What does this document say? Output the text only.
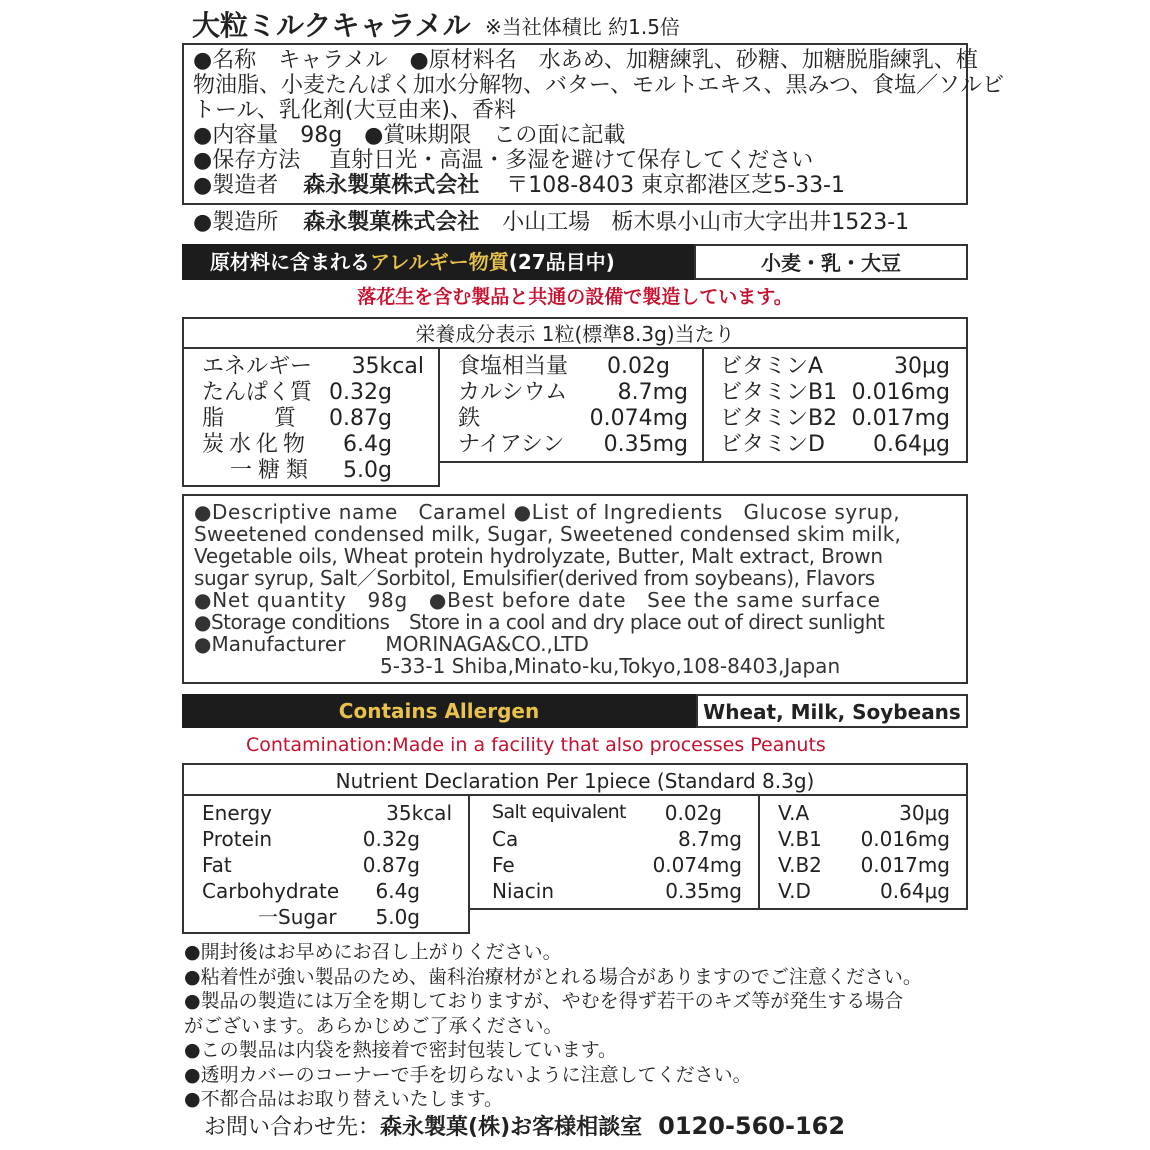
大粒ミルクキャラメル ※当社体積比 約1.5倍
●名称　キャラメル　●原材料名　水あめ、加糖練乳、砂糖、加糖脱脂練乳、植
物油脂、小麦たんぱく加水分解物、バター、モルトエキス、黒みつ、食塩／ソルビ
トール、乳化剤(大豆由来)、香料
●内容量　98g　●賞味期限　この面に記載
●保存方法　 直射日光・高温・多湿を避けて保存してください
●製造者 森永製菓株式会社 〒108-8403 東京都港区芝5-33-1
●製造所 森永製菓株式会社 小山工場 栃木県小山市大字出井1523-1
原材料に含まれるアレルギー物質(27品目中)	小麦・乳・大豆
落花生を含む製品と共通の設備で製造しています。
栄養成分表示 1粒(標準8.3g)当たり
エネルギー	35kcal
たんぱく質 0.32g
脂　　質	0.87g
炭水化物	6.4g
一糖類	5.0g
食塩相当量	0.02g
カルシウム	8.7mg
鉄	0.074mg
ナイアシン	0.35mg
ビタミンA	30μg
ビタミンB1 0.016mg
ビタミンB2 0.017mg
ビタミンD	0.64μg
●Descriptive name　Caramel ●List of Ingredients　Glucose syrup,
Sweetened condensed milk, Sugar, Sweetened condensed skim milk,
Vegetable oils, Wheat protein hydrolyzate, Butter, Malt extract, Brown
sugar syrup, Salt／Sorbitol, Emulsifier(derived from soybeans), Flavors
●Net quantity　98g　●Best before date　See the same surface
●Storage conditions　Store in a cool and dry place out of direct sunlight
●Manufacturer　　MORINAGA&CO.,LTD
5-33-1 Shiba,Minato-ku,Tokyo,108-8403,Japan
Contains Allergen	Wheat, Milk, Soybeans
Contamination:Made in a facility that also processes Peanuts
Nutrient Declaration Per 1piece (Standard 8.3g)
Energy	35kcal
Protein	0.32g
Fat	0.87g
Carbohydrate	6.4g
一Sugar	5.0g
Salt equivalent	0.02g
Ca	8.7mg
Fe	0.074mg
Niacin	0.35mg
V.A	30μg
V.B1	0.016mg
V.B2	0.017mg
V.D	0.64μg
●開封後はお早めにお召し上がりください。
●粘着性が強い製品のため、歯科治療材がとれる場合がありますのでご注意ください。
●製品の製造には万全を期しておりますが、やむを得ず若干のキズ等が発生する場合
がございます。あらかじめご了承ください。
●この製品は内袋を熱接着で密封包装しています。
●透明カバーのコーナーで手を切らないように注意してください。
●不都合品はお取り替えいたします。
お問い合わせ先：森永製菓(株)お客様相談室 0120-560-162
